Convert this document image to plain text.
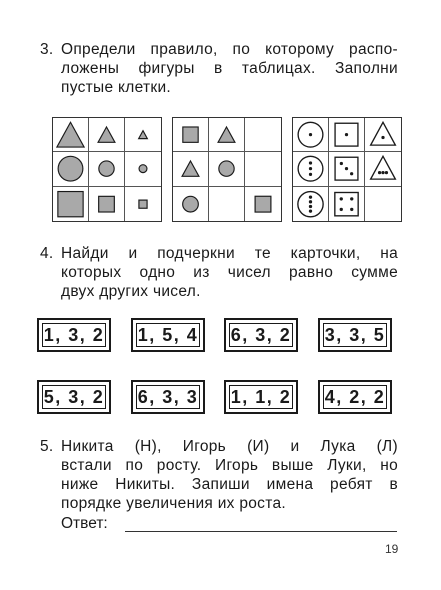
3. Определи правило, по которому распо-
ложены фигуры в таблицах. Заполни
пустые клетки.
4. Найди и подчеркни те карточки, на
которых одно из чисел равно сумме
двух других чисел.
1, 3, 2	1, 5, 4	6, 3, 2	3, 3, 5
5, 3, 2	6, 3, 3	1, 1, 2	4, 2, 2
5. Никита (Н), Игорь (И) и Лука (Л)
встали по росту. Игорь выше Луки, но
ниже Никиты. Запиши имена ребят в
порядке увеличения их роста.
Ответ:
19
